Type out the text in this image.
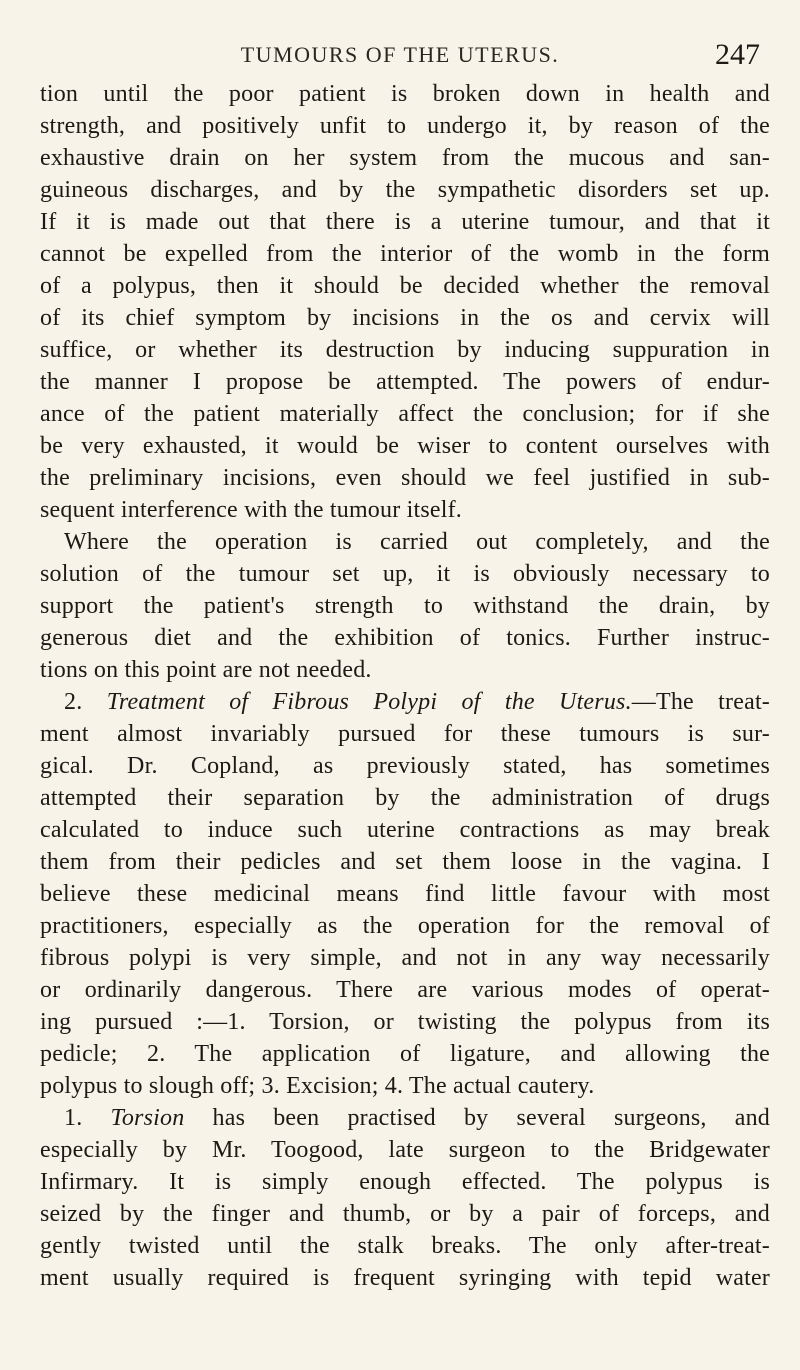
TUMOURS OF THE UTERUS.	247
tion until the poor patient is broken down in health and
strength, and positively unfit to undergo it, by reason of the
exhaustive drain on her system from the mucous and san-
guineous discharges, and by the sympathetic disorders set up.
If it is made out that there is a uterine tumour, and that it
cannot be expelled from the interior of the womb in the form
of a polypus, then it should be decided whether the removal
of its chief symptom by incisions in the os and cervix will
suffice, or whether its destruction by inducing suppuration in
the manner I propose be attempted. The powers of endur-
ance of the patient materially affect the conclusion; for if she
be very exhausted, it would be wiser to content ourselves with
the preliminary incisions, even should we feel justified in sub-
sequent interference with the tumour itself.
Where the operation is carried out completely, and the
solution of the tumour set up, it is obviously necessary to
support the patient's strength to withstand the drain, by
generous diet and the exhibition of tonics. Further instruc-
tions on this point are not needed.
2. Treatment of Fibrous Polypi of the Uterus.—The treat-
ment almost invariably pursued for these tumours is sur-
gical. Dr. Copland, as previously stated, has sometimes
attempted their separation by the administration of drugs
calculated to induce such uterine contractions as may break
them from their pedicles and set them loose in the vagina. I
believe these medicinal means find little favour with most
practitioners, especially as the operation for the removal of
fibrous polypi is very simple, and not in any way necessarily
or ordinarily dangerous. There are various modes of operat-
ing pursued :—1. Torsion, or twisting the polypus from its
pedicle; 2. The application of ligature, and allowing the
polypus to slough off; 3. Excision; 4. The actual cautery.
1. Torsion has been practised by several surgeons, and
especially by Mr. Toogood, late surgeon to the Bridgewater
Infirmary. It is simply enough effected. The polypus is
seized by the finger and thumb, or by a pair of forceps, and
gently twisted until the stalk breaks. The only after-treat-
ment usually required is frequent syringing with tepid water
